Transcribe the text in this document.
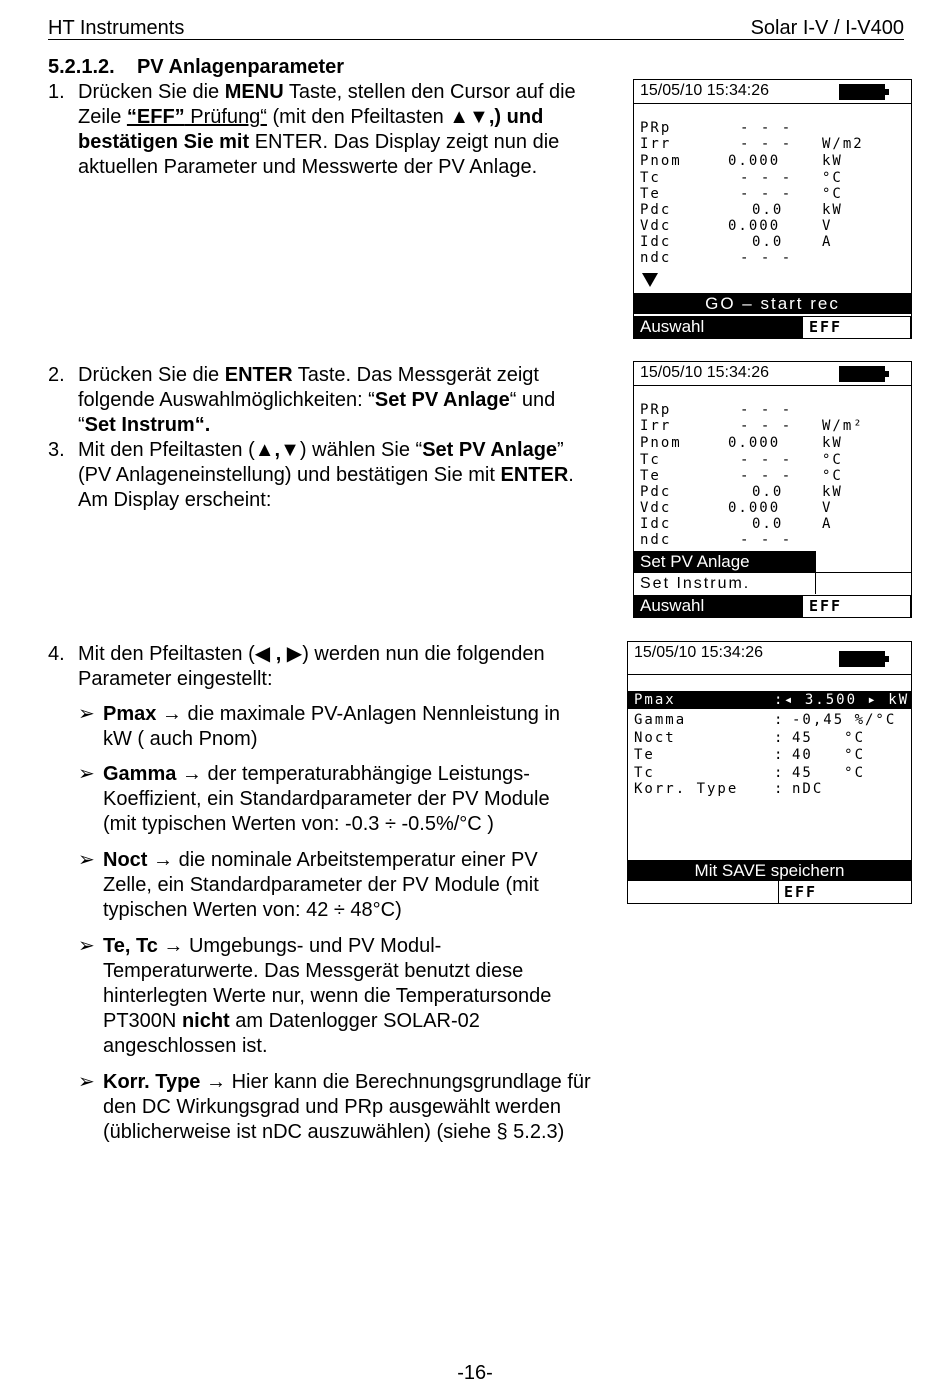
HT Instruments	Solar I-V / I-V400
5.2.1.2. PV Anlagenparameter
1. Drücken Sie die MENU Taste, stellen den Cursor auf die
Zeile “EFF” Prüfung“ (mit den Pfeiltasten ▲▼,) und
bestätigen Sie mit ENTER. Das Display zeigt nun die
aktuellen Parameter und Messwerte der PV Anlage.
2. Drücken Sie die ENTER Taste. Das Messgerät zeigt
folgende Auswahlmöglichkeiten: “Set PV Anlage“ und
“Set Instrum“.
3. Mit den Pfeiltasten (▲,▼) wählen Sie “Set PV Anlage”
(PV Anlageneinstellung) und bestätigen Sie mit ENTER.
Am Display erscheint:
4. Mit den Pfeiltasten (◀ , ▶) werden nun die folgenden
Parameter eingestellt:
➢ Pmax → die maximale PV-Anlagen Nennleistung in
kW ( auch Pnom)
➢ Gamma → der temperaturabhängige Leistungs-
Koeffizient, ein Standardparameter der PV Module
(mit typischen Werten von: -0.3 ÷ -0.5%/°C )
➢ Noct → die nominale Arbeitstemperatur einer PV
Zelle, ein Standardparameter der PV Module (mit
typischen Werten von: 42 ÷ 48°C)
➢ Te, Tc → Umgebungs- und PV Modul-
Temperaturwerte. Das Messgerät benutzt diese
hinterlegten Werte nur, wenn die Temperatursonde
PT300N nicht am Datenlogger SOLAR-02
angeschlossen ist.
➢ Korr. Type → Hier kann die Berechnungsgrundlage für
den DC Wirkungsgrad und PRp ausgewählt werden
(üblicherweise ist nDC auszuwählen) (siehe § 5.2.3)
15/05/10 15:34:26
PRp	- - -
Irr	- - - W/m2
Pnom	0.000	kW
Tc	- - - °C
Te	- - - °C
Pdc	0.0	kW
Vdc	0.000	V
Idc	0.0	A
ndc	- - -
GO – start rec
Auswahl	EFF
15/05/10 15:34:26
PRp	- - -
Irr	- - - W/m²
Pnom	0.000	kW
Tc	- - - °C
Te	- - - °C
Pdc	0.0	kW
Vdc	0.000	V
Idc	0.0	A
ndc	- - -
Set PV Anlage
Set Instrum.
Auswahl	EFF
15/05/10 15:34:26
Pmax	: ◂ 3.500 ▸ kW
Gamma	: -0,45 %/°C
Noct	: 45   °C
Te	: 40   °C
Tc	: 45   °C
Korr. Type	: nDC
Mit SAVE speichern
EFF
-16-
